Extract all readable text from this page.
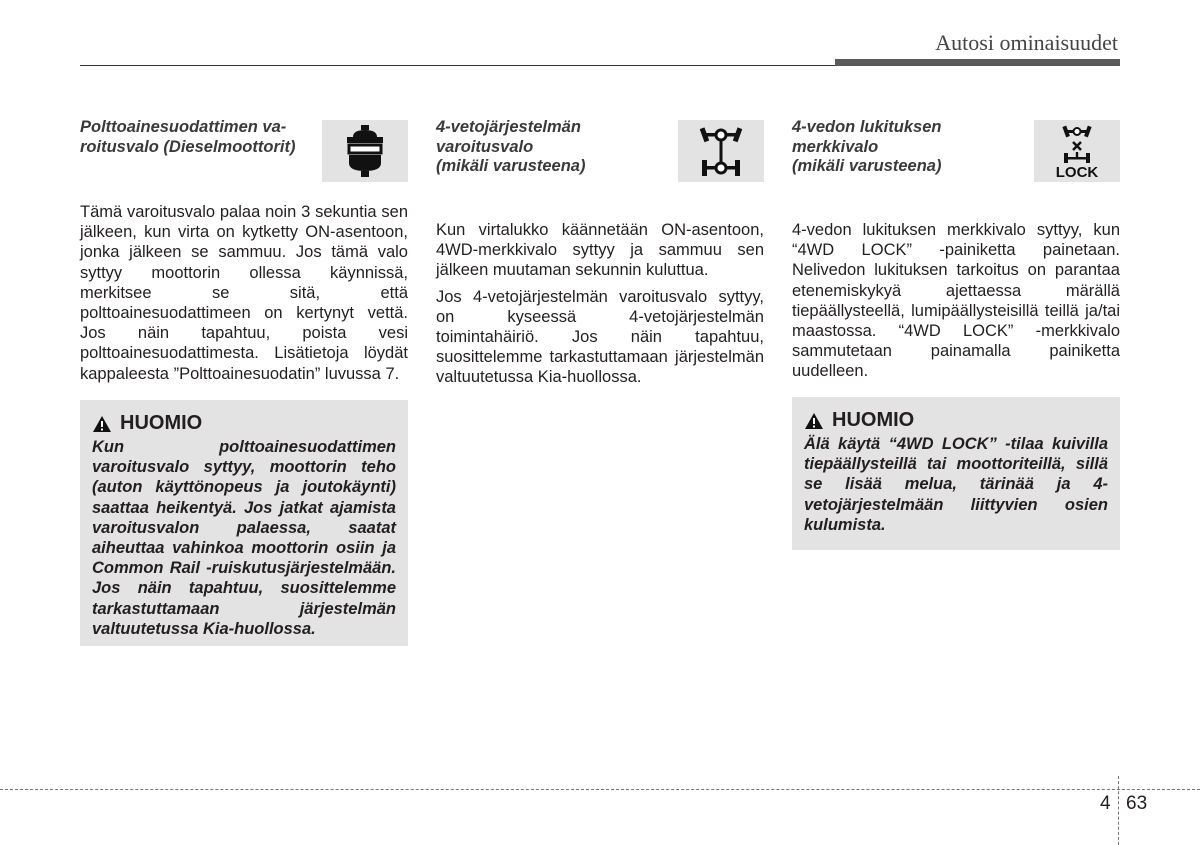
Autosi ominaisuudet
Polttoainesuodattimen va-
roitusvalo (Dieselmoottorit)

Tämä varoitusvalo palaa noin 3 sekuntia sen jälkeen, kun virta on kytketty ON-asentoon, jonka jälkeen se sammuu. Jos tämä valo syttyy moottorin ollessa käynnissä, merkitsee se sitä, että polttoainesuodattimeen on kertynyt vettä. Jos näin tapahtuu, poista vesi polttoainesuodattimesta. Lisätietoja löydät kappaleesta ”Polttoainesuodatin” luvussa 7.

HUOMIO
Kun polttoainesuodattimen varoitusvalo syttyy, moottorin teho (auton käyttönopeus ja joutokäynti) saattaa heikentyä. Jos jatkat ajamista varoitusvalon palaessa, saatat aiheuttaa vahinkoa moottorin osiin ja Common Rail -ruiskutusjärjestelmään. Jos näin tapahtuu, suosittelemme tarkastuttamaan järjestelmän valtuutetussa Kia-huollossa.
4-vetojärjestelmän
varoitusvalo
(mikäli varusteena)

Kun virtalukko käännetään ON-asentoon, 4WD-merkkivalo syttyy ja sammuu sen jälkeen muutaman sekunnin kuluttua.

Jos 4-vetojärjestelmän varoitusvalo syttyy, on kyseessä 4-vetojärjestelmän toimintahäiriö. Jos näin tapahtuu, suosittelemme tarkastuttamaan järjestelmän valtuutetussa Kia-huollossa.

4-vedon lukituksen
merkkivalo
(mikäli varusteena)	LOCK

4-vedon lukituksen merkkivalo syttyy, kun “4WD LOCK” -painiketta painetaan. Nelivedon lukituksen tarkoitus on parantaa etenemiskykyä ajettaessa märällä tiepäällysteellä, lumipäällysteisillä teillä ja/tai maastossa. “4WD LOCK” -merkkivalo sammutetaan painamalla painiketta uudelleen.

HUOMIO
Älä käytä “4WD LOCK” -tilaa kuivilla tiepäällysteillä tai moottoriteillä, sillä se lisää melua, tärinää ja 4-vetojärjestelmään liittyvien osien kulumista.
4 63
